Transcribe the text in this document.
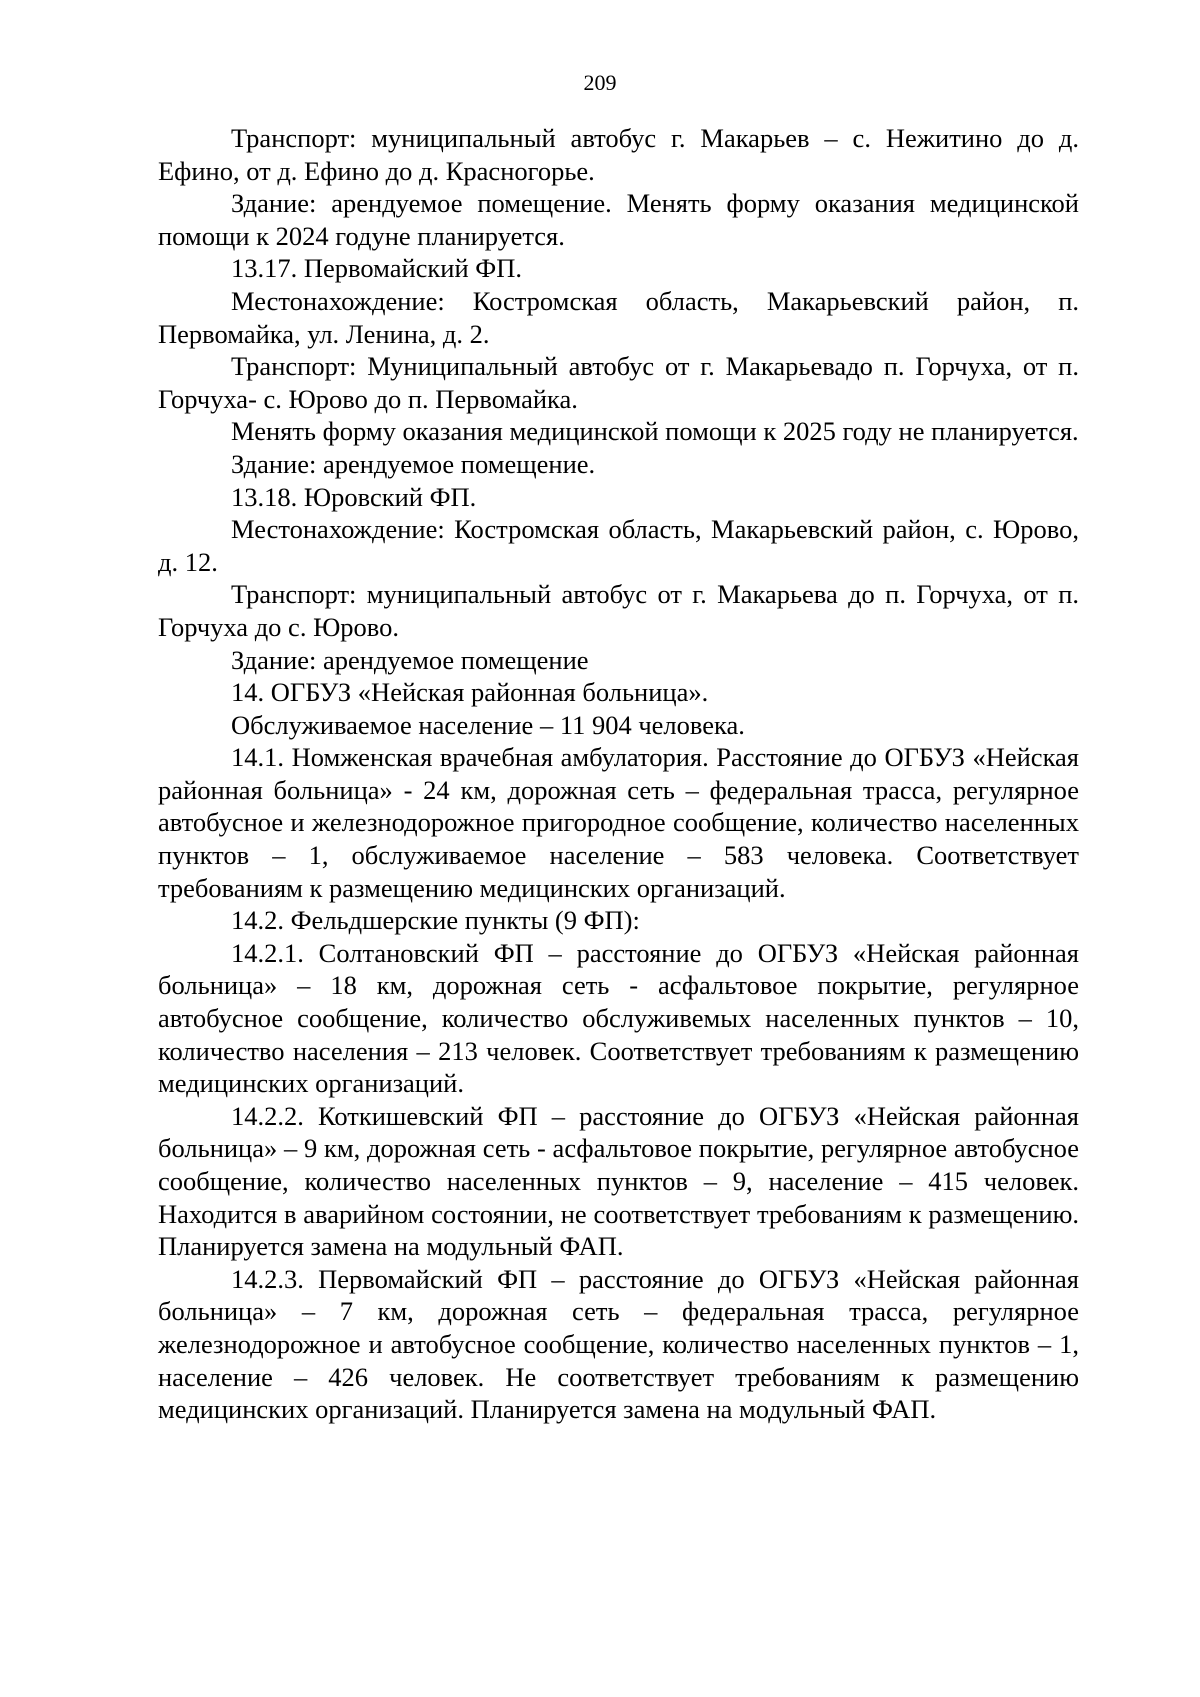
209

Транспорт: муниципальный автобус г. Макарьев – с. Нежитино до д. Ефино, от д. Ефино до д. Красногорье.

Здание: арендуемое помещение. Менять форму оказания медицинской помощи к 2024 годуне планируется.

13.17. Первомайский ФП.

Местонахождение: Костромская область, Макарьевский район, п. Первомайка, ул. Ленина, д. 2.

Транспорт: Муниципальный автобус от г. Макарьевадо п. Горчуха, от п. Горчуха- с. Юрово до п. Первомайка.

Менять форму оказания медицинской помощи к 2025 году не планируется.

Здание: арендуемое помещение.

13.18. Юровский ФП.

Местонахождение: Костромская область, Макарьевский район, с. Юрово, д. 12.

Транспорт: муниципальный автобус от г. Макарьева до п. Горчуха, от п. Горчуха до с. Юрово.

Здание: арендуемое помещение

14. ОГБУЗ «Нейская районная больница».

Обслуживаемое население – 11 904 человека.

14.1. Номженская врачебная амбулатория. Расстояние до ОГБУЗ «Нейская районная больница» - 24 км, дорожная сеть – федеральная трасса, регулярное автобусное и железнодорожное пригородное сообщение, количество населенных пунктов – 1, обслуживаемое население – 583 человека. Соответствует требованиям к размещению медицинских организаций.

14.2. Фельдшерские пункты (9 ФП):

14.2.1. Солтановский ФП – расстояние до ОГБУЗ «Нейская районная больница» – 18 км, дорожная сеть - асфальтовое покрытие, регулярное автобусное сообщение, количество обслуживемых населенных пунктов – 10, количество населения – 213 человек. Соответствует требованиям к размещению медицинских организаций.

14.2.2. Коткишевский ФП – расстояние до ОГБУЗ «Нейская районная больница» – 9 км, дорожная сеть - асфальтовое покрытие, регулярное автобусное сообщение, количество населенных пунктов – 9, население – 415 человек. Находится в аварийном состоянии, не соответствует требованиям к размещению. Планируется замена на модульный ФАП.

14.2.3. Первомайский ФП – расстояние до ОГБУЗ «Нейская районная больница» – 7 км, дорожная сеть – федеральная трасса, регулярное железнодорожное и автобусное сообщение, количество населенных пунктов – 1, население – 426 человек. Не соответствует требованиям к размещению медицинских организаций. Планируется замена на модульный ФАП.
